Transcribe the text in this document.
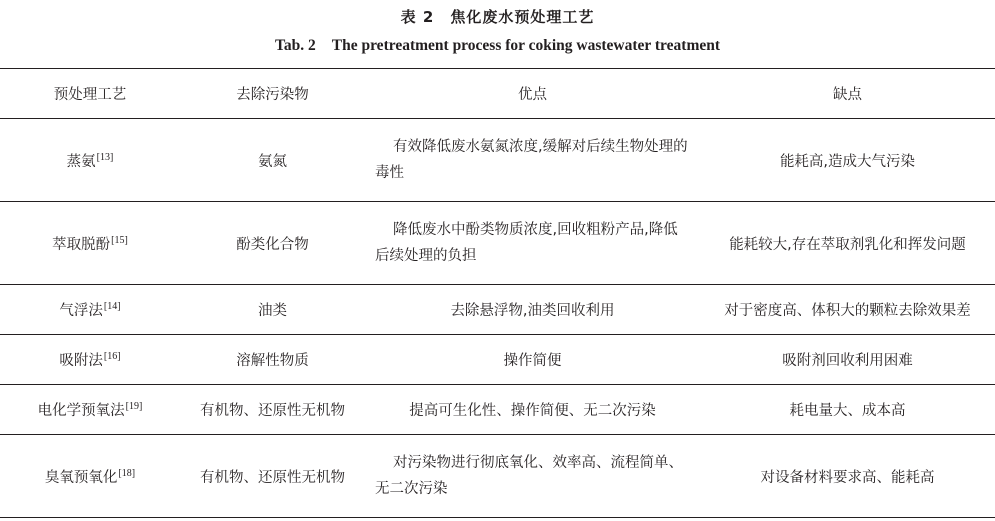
表 2 焦化废水预处理工艺
Tab. 2 The pretreatment process for coking wastewater treatment
预处理工艺	去除污染物	优点	缺点
蒸氨[13]	氨氮	有效降低废水氨氮浓度,缓解对后续生物处理的毒性	能耗高,造成大气污染
萃取脱酚[15]	酚类化合物	降低废水中酚类物质浓度,回收粗粉产品,降低后续处理的负担	能耗较大,存在萃取剂乳化和挥发问题
气浮法[14]	油类	去除悬浮物,油类回收利用	对于密度高、体积大的颗粒去除效果差
吸附法[16]	溶解性物质	操作简便	吸附剂回收利用困难
电化学预氧法[19]	有机物、还原性无机物	提高可生化性、操作简便、无二次污染	耗电量大、成本高
臭氧预氧化[18]	有机物、还原性无机物	对污染物进行彻底氧化、效率高、流程简单、无二次污染	对设备材料要求高、能耗高
